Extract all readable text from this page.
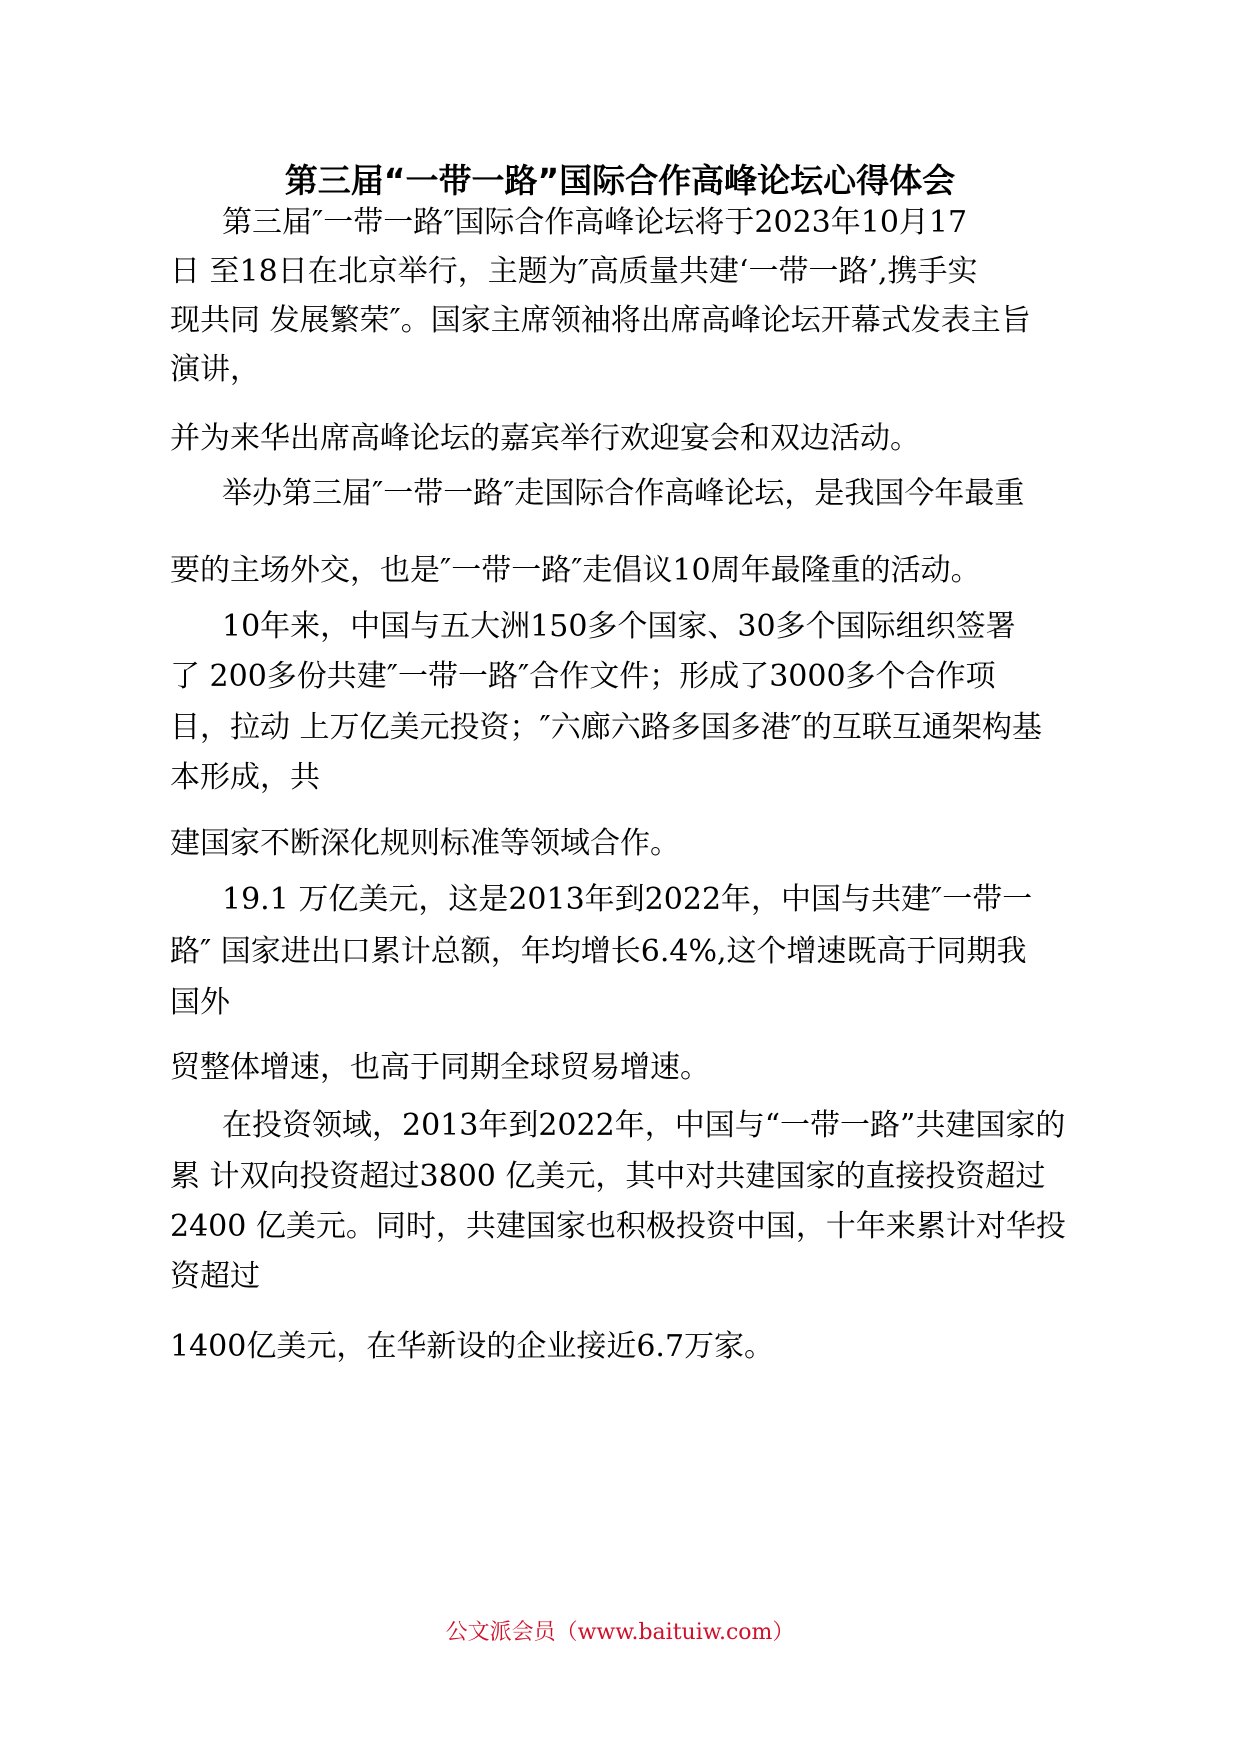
第三届“一带一路”国际合作高峰论坛心得体会
第三届″一带一路″国际合作高峰论坛将于2023年10月17
日 至18日在北京举行，主题为″高质量共建‘一带一路’,携手实
现共同 发展繁荣″。国家主席领袖将出席高峰论坛开幕式发表主旨
演讲，
并为来华出席高峰论坛的嘉宾举行欢迎宴会和双边活动。
举办第三届″一带一路″走国际合作高峰论坛，是我国今年最重
要的主场外交，也是″一带一路″走倡议10周年最隆重的活动。
10年来，中国与五大洲150多个国家、30多个国际组织签署
了 200多份共建″一带一路″合作文件；形成了3000多个合作项
目，拉动 上万亿美元投资；″六廊六路多国多港″的互联互通架构基
本形成，共
建国家不断深化规则标准等领域合作。
19.1 万亿美元，这是2013年到2022年，中国与共建″一带一
路″ 国家进出口累计总额，年均增长6.4%,这个增速既高于同期我
国外
贸整体增速，也高于同期全球贸易增速。
在投资领域，2013年到2022年，中国与“一带一路”共建国家的
累 计双向投资超过3800 亿美元，其中对共建国家的直接投资超过
2400 亿美元。同时，共建国家也积极投资中国，十年来累计对华投
资超过
1400亿美元，在华新设的企业接近6.7万家。
公文派会员（www.baituiw.com）
